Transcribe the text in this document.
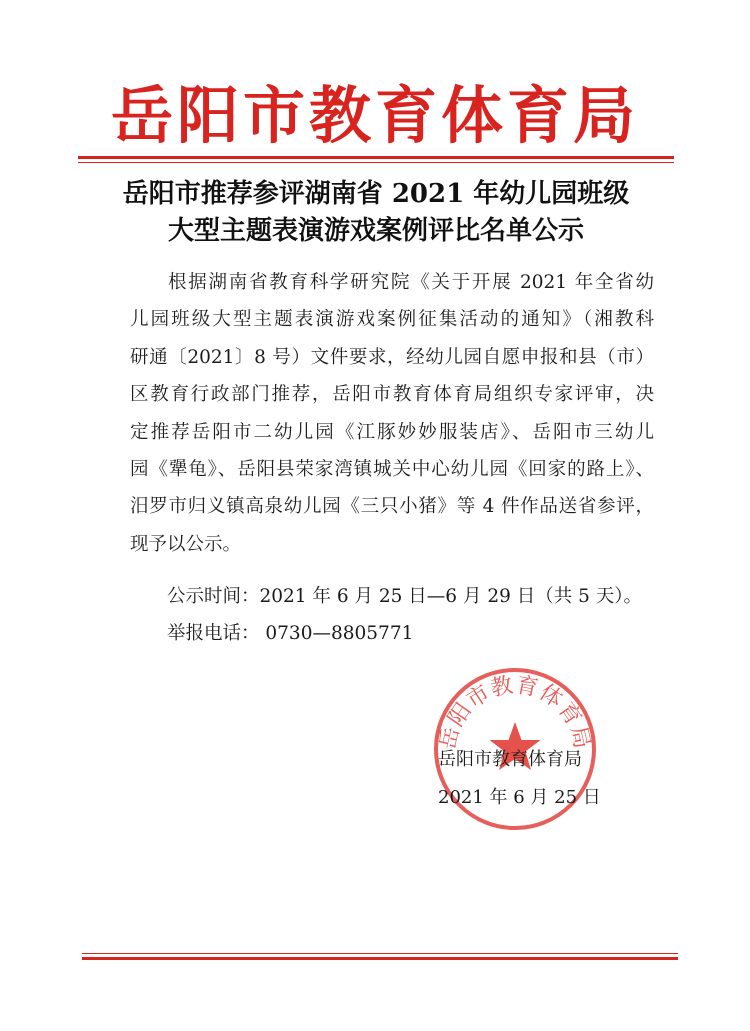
岳阳市教育体育局
岳阳市推荐参评湖南省 2021 年幼儿园班级
大型主题表演游戏案例评比名单公示
根据湖南省教育科学研究院《关于开展 2021 年全省幼
儿园班级大型主题表演游戏案例征集活动的通知》（湘教科
研通〔2021〕8 号）文件要求，经幼儿园自愿申报和县（市）
区教育行政部门推荐，岳阳市教育体育局组织专家评审，决
定推荐岳阳市二幼儿园《江豚妙妙服装店》、岳阳市三幼儿
园《犟龟》、岳阳县荣家湾镇城关中心幼儿园《回家的路上》、
汨罗市归义镇高泉幼儿园《三只小猪》等 4 件作品送省参评，
现予以公示。
公示时间：2021 年 6 月 25 日—6 月 29 日（共 5 天）。
举报电话： 0730—8805771
岳阳市教育体育局
岳阳市教育体育局
2021 年 6 月 25 日
